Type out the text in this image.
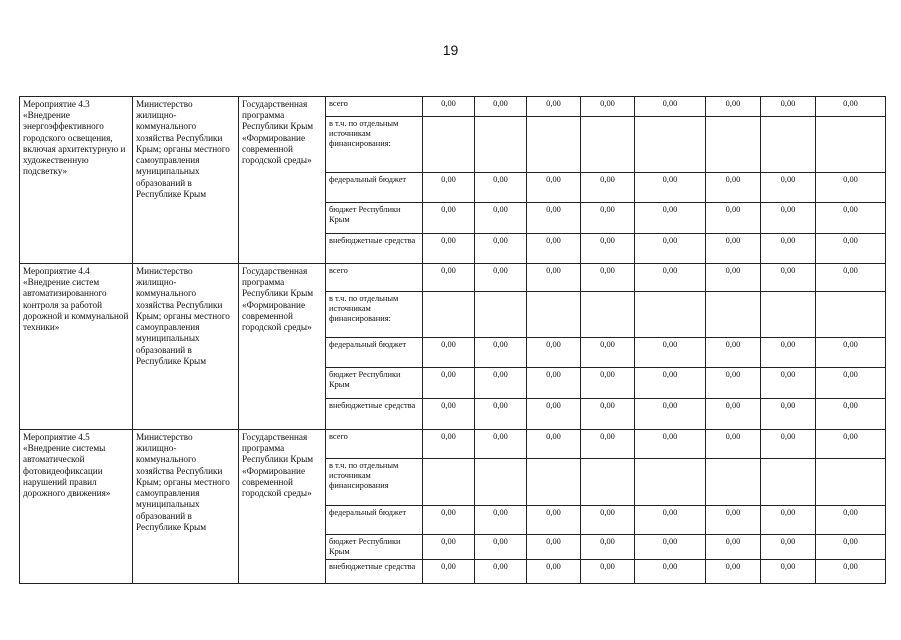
19
Мероприятие 4.3 «Внедрение энергоэффективного городского освещения, включая архитектурную и художественную подсветку»	Министерство жилищно-коммунального хозяйства Республики Крым; органы местного самоуправления муниципальных образований в Республике Крым	Государственная программа Республики Крым «Формирование современной городской среды»	всего	0,00	0,00	0,00	0,00	0,00	0,00	0,00	0,00
			в т.ч. по отдельным источникам финансирования:								
			федеральный бюджет	0,00	0,00	0,00	0,00	0,00	0,00	0,00	0,00
			бюджет Республики Крым	0,00	0,00	0,00	0,00	0,00	0,00	0,00	0,00
			внебюджетные средства	0,00	0,00	0,00	0,00	0,00	0,00	0,00	0,00
Мероприятие 4.4 «Внедрение систем автоматизированного контроля за работой дорожной и коммунальной техники»	Министерство жилищно-коммунального хозяйства Республики Крым; органы местного самоуправления муниципальных образований в Республике Крым	Государственная программа Республики Крым «Формирование современной городской среды»	всего	0,00	0,00	0,00	0,00	0,00	0,00	0,00	0,00
			в т.ч. по отдельным источникам финансирования:								
			федеральный бюджет	0,00	0,00	0,00	0,00	0,00	0,00	0,00	0,00
			бюджет Республики Крым	0,00	0,00	0,00	0,00	0,00	0,00	0,00	0,00
			внебюджетные средства	0,00	0,00	0,00	0,00	0,00	0,00	0,00	0,00
Мероприятие 4.5 «Внедрение системы автоматической фотовидеофиксации нарушений правил дорожного движения»	Министерство жилищно-коммунального хозяйства Республики Крым; органы местного самоуправления муниципальных образований в Республике Крым	Государственная программа Республики Крым «Формирование современной городской среды»	всего	0,00	0,00	0,00	0,00	0,00	0,00	0,00	0,00
			в т.ч. по отдельным источникам финансирования								
			федеральный бюджет	0,00	0,00	0,00	0,00	0,00	0,00	0,00	0,00
			бюджет Республики Крым	0,00	0,00	0,00	0,00	0,00	0,00	0,00	0,00
			внебюджетные средства	0,00	0,00	0,00	0,00	0,00	0,00	0,00	0,00
